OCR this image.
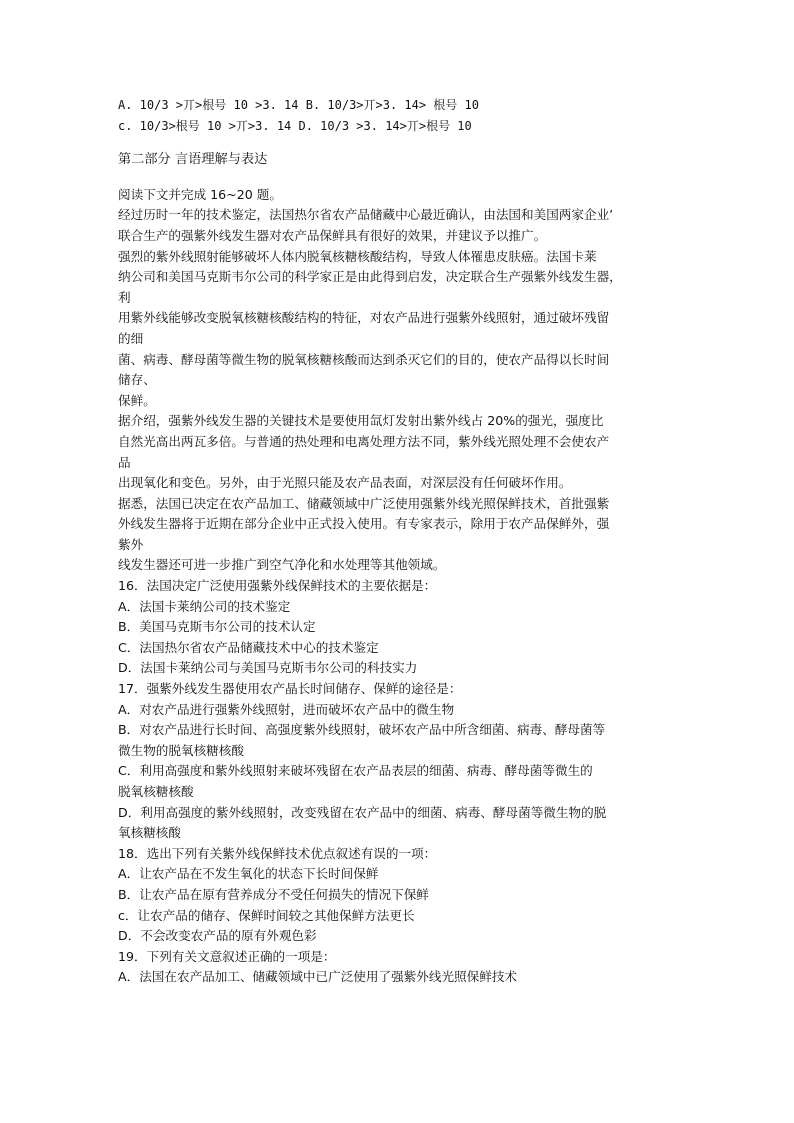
A. 10/3 >丌>根号 10 >3. 14 B. 10/3>丌>3. 14> 根号 10
c. 10/3>根号 10 >丌>3. 14 D. 10/3 >3. 14>丌>根号 10
第二部分 言语理解与表达
阅读下文并完成 16~20 题。
经过历时一年的技术鉴定，法国热尔省农产品储藏中心最近确认，由法国和美国两家企业’
联合生产的强紫外线发生器对农产品保鲜具有很好的效果，并建议予以推广。
强烈的紫外线照射能够破坏人体内脱氧核糖核酸结构，导致人体罹患皮肤癌。法国卡莱
纳公司和美国马克斯韦尔公司的科学家正是由此得到启发，决定联合生产强紫外线发生器，
利
用紫外线能够改变脱氧核糖核酸结构的特征，对农产品进行强紫外线照射，通过破坏残留
的细
菌、病毒、酵母菌等微生物的脱氧核糖核酸而达到杀灭它们的目的，使农产品得以长时间
储存、
保鲜。
据介绍，强紫外线发生器的关键技术是要使用氙灯发射出紫外线占 20%的强光，强度比
自然光高出两瓦多倍。与普通的热处理和电离处理方法不同，紫外线光照处理不会使农产
品
出现氧化和变色。另外，由于光照只能及农产品表面，对深层没有任何破坏作用。
据悉，法国已决定在农产品加工、储藏领域中广泛使用强紫外线光照保鲜技术，首批强紫
外线发生器将于近期在部分企业中正式投入使用。有专家表示，除用于农产品保鲜外，强
紫外
线发生器还可进一步推广到空气净化和水处理等其他领域。
16．法国决定广泛使用强紫外线保鲜技术的主要依据是：
A．法国卡莱纳公司的技术鉴定
B．美国马克斯韦尔公司的技术认定
C．法国热尔省农产品储藏技术中心的技术鉴定
D．法国卡莱纳公司与美国马克斯韦尔公司的科技实力
17．强紫外线发生器使用农产晶长时间储存、保鲜的途径是：
A．对农产品进行强紫外线照射，进而破坏农产品中的微生物
B．对农产品进行长时间、高强度紫外线照射，破坏农产品中所含细菌、病毒、酵母菌等
微生物的脱氧核糖核酸
C．利用高强度和紫外线照射来破坏残留在农产品表层的细菌、病毒、酵母菌等微生的
脱氧核糖核酸
D．利用高强度的紫外线照射，改变残留在农产品中的细菌、病毒、酵母菌等微生物的脱
氧核糖核酸
18．选出下列有关紫外线保鲜技术优点叙述有误的一项：
A．让农产品在不发生氧化的状态下长时间保鲜
B．让农产品在原有营养成分不受任何损失的情况下保鲜
c．让农产品的储存、保鲜时间较之其他保鲜方法更长
D．不会改变农产品的原有外观色彩
19．下列有关文意叙述正确的一项是：
A．法国在农产品加工、储藏领域中已广泛使用了强紫外线光照保鲜技术
